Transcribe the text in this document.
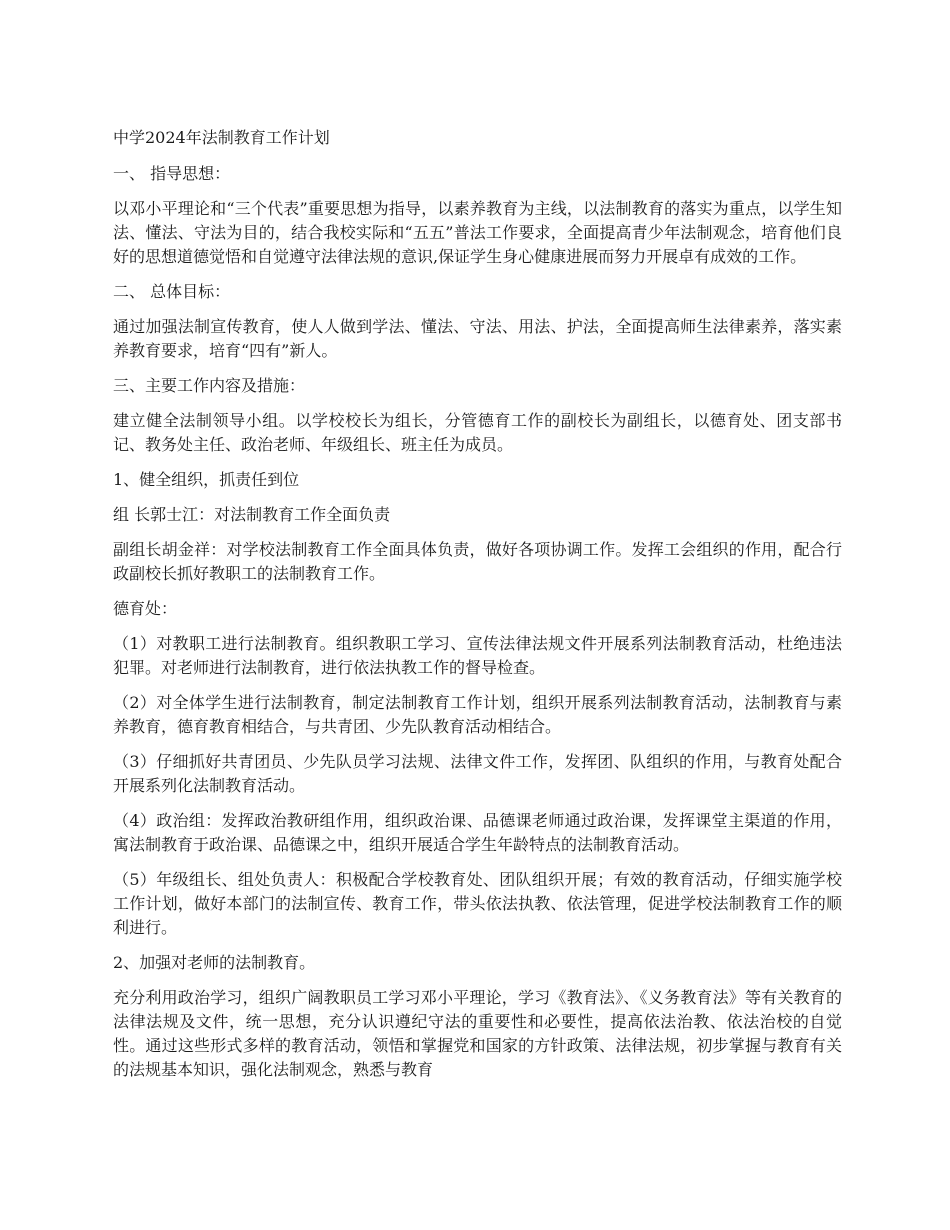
中学2024年法制教育工作计划

一、 指导思想：

以邓小平理论和“三个代表”重要思想为指导，以素养教育为主线，以法制教育的落实为重点，以学生知法、懂法、守法为目的，结合我校实际和“五五”普法工作要求，全面提高青少年法制观念，培育他们良好的思想道德觉悟和自觉遵守法律法规的意识,保证学生身心健康进展而努力开展卓有成效的工作。

二、 总体目标：

通过加强法制宣传教育，使人人做到学法、懂法、守法、用法、护法，全面提高师生法律素养，落实素养教育要求，培育“四有”新人。

三、主要工作内容及措施：

建立健全法制领导小组。以学校校长为组长，分管德育工作的副校长为副组长，以德育处、团支部书记、教务处主任、政治老师、年级组长、班主任为成员。

1、健全组织，抓责任到位

组 长郭士江：对法制教育工作全面负责

副组长胡金祥：对学校法制教育工作全面具体负责，做好各项协调工作。发挥工会组织的作用，配合行政副校长抓好教职工的法制教育工作。

德育处：

（1）对教职工进行法制教育。组织教职工学习、宣传法律法规文件开展系列法制教育活动，杜绝违法犯罪。对老师进行法制教育，进行依法执教工作的督导检查。

（2）对全体学生进行法制教育，制定法制教育工作计划，组织开展系列法制教育活动，法制教育与素养教育，德育教育相结合，与共青团、少先队教育活动相结合。

（3）仔细抓好共青团员、少先队员学习法规、法律文件工作，发挥团、队组织的作用，与教育处配合开展系列化法制教育活动。

（4）政治组：发挥政治教研组作用，组织政治课、品德课老师通过政治课，发挥课堂主渠道的作用，寓法制教育于政治课、品德课之中，组织开展适合学生年龄特点的法制教育活动。

（5）年级组长、组处负责人：积极配合学校教育处、团队组织开展；有效的教育活动，仔细实施学校工作计划，做好本部门的法制宣传、教育工作，带头依法执教、依法管理，促进学校法制教育工作的顺利进行。

2、加强对老师的法制教育。

充分利用政治学习，组织广阔教职员工学习邓小平理论，学习《教育法》、《义务教育法》等有关教育的法律法规及文件，统一思想，充分认识遵纪守法的重要性和必要性，提高依法治教、依法治校的自觉性。通过这些形式多样的教育活动，领悟和掌握党和国家的方针政策、法律法规，初步掌握与教育有关的法规基本知识，强化法制观念，熟悉与教育
